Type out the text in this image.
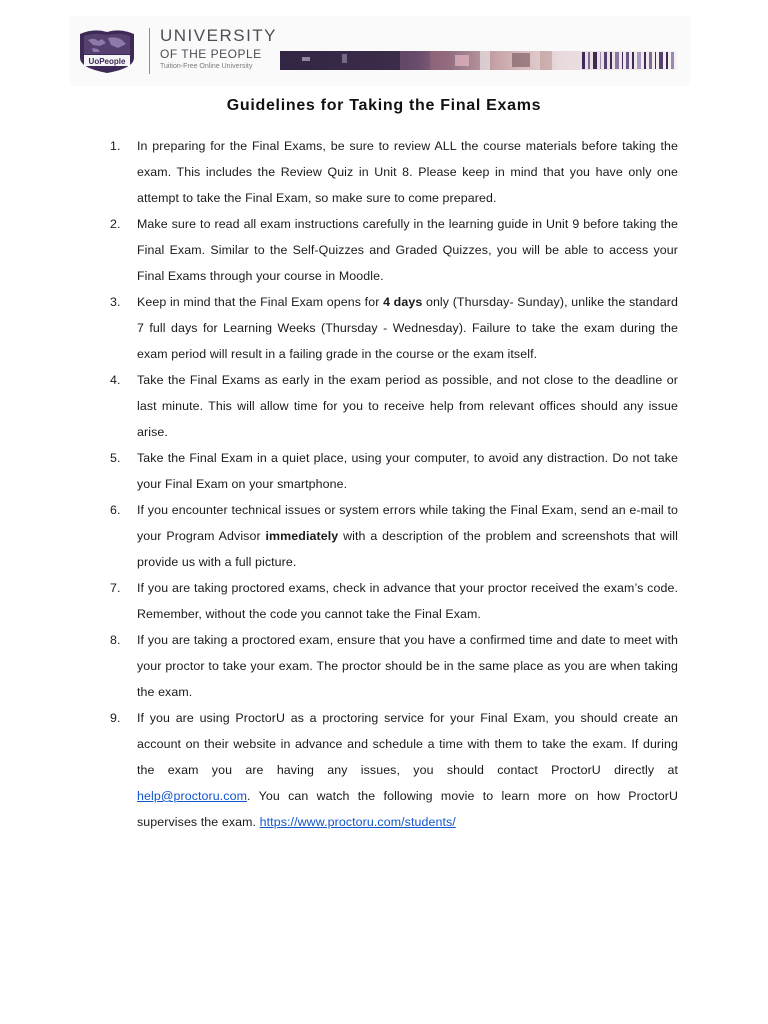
UoPeople
UNIVERSITY
OF THE PEOPLE
Tuition-Free Online University
Guidelines for Taking the Final Exams
1. In preparing for the Final Exams, be sure to review ALL the course materials before taking the exam. This includes the Review Quiz in Unit 8. Please keep in mind that you have only one attempt to take the Final Exam, so make sure to come prepared.
2. Make sure to read all exam instructions carefully in the learning guide in Unit 9 before taking the Final Exam. Similar to the Self-Quizzes and Graded Quizzes, you will be able to access your Final Exams through your course in Moodle.
3. Keep in mind that the Final Exam opens for 4 days only (Thursday- Sunday), unlike the standard 7 full days for Learning Weeks (Thursday - Wednesday). Failure to take the exam during the exam period will result in a failing grade in the course or the exam itself.
4. Take the Final Exams as early in the exam period as possible, and not close to the deadline or last minute. This will allow time for you to receive help from relevant offices should any issue arise.
5. Take the Final Exam in a quiet place, using your computer, to avoid any distraction. Do not take your Final Exam on your smartphone.
6. If you encounter technical issues or system errors while taking the Final Exam, send an e-mail to your Program Advisor immediately with a description of the problem and screenshots that will provide us with a full picture.
7. If you are taking proctored exams, check in advance that your proctor received the exam’s code. Remember, without the code you cannot take the Final Exam.
8. If you are taking a proctored exam, ensure that you have a confirmed time and date to meet with your proctor to take your exam. The proctor should be in the same place as you are when taking the exam.
9. If you are using ProctorU as a proctoring service for your Final Exam, you should create an account on their website in advance and schedule a time with them to take the exam. If during the exam you are having any issues, you should contact ProctorU directly at help@proctoru.com. You can watch the following movie to learn more on how ProctorU supervises the exam. https://www.proctoru.com/students/
